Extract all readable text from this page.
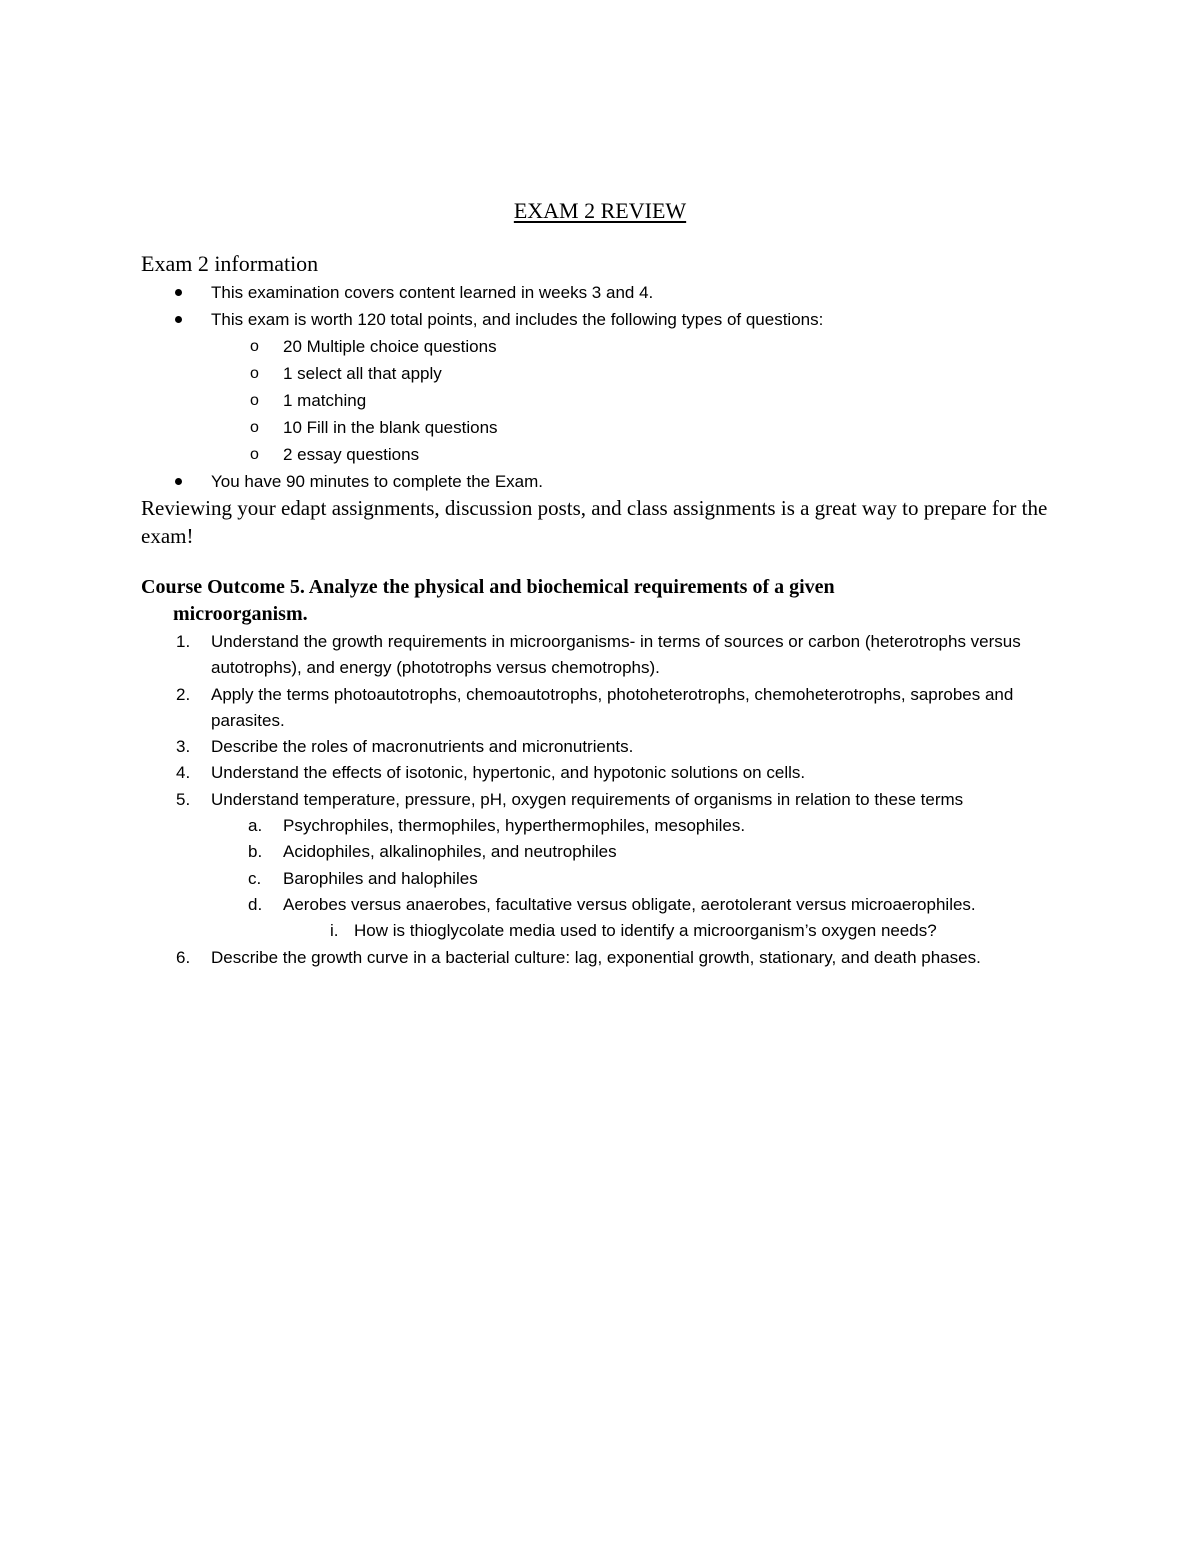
EXAM 2 REVIEW
Exam 2 information
This examination covers content learned in weeks 3 and 4.
This exam is worth 120 total points, and includes the following types of questions:
o 20 Multiple choice questions
o 1 select all that apply
o 1 matching
o 10 Fill in the blank questions
o 2 essay questions
You have 90 minutes to complete the Exam.
Reviewing your edapt assignments, discussion posts, and class assignments is a great way to prepare for the exam!
Course Outcome 5. Analyze the physical and biochemical requirements of a given
microorganism.
1. Understand the growth requirements in microorganisms- in terms of sources or carbon (heterotrophs versus autotrophs), and energy (phototrophs versus chemotrophs).
2. Apply the terms photoautotrophs, chemoautotrophs, photoheterotrophs, chemoheterotrophs, saprobes and parasites.
3. Describe the roles of macronutrients and micronutrients.
4. Understand the effects of isotonic, hypertonic, and hypotonic solutions on cells.
5. Understand temperature, pressure, pH, oxygen requirements of organisms in relation to these terms
a. Psychrophiles, thermophiles, hyperthermophiles, mesophiles.
b. Acidophiles, alkalinophiles, and neutrophiles
c. Barophiles and halophiles
d. Aerobes versus anaerobes, facultative versus obligate, aerotolerant versus microaerophiles.
i. How is thioglycolate media used to identify a microorganism’s oxygen needs?
6. Describe the growth curve in a bacterial culture: lag, exponential growth, stationary, and death phases.
